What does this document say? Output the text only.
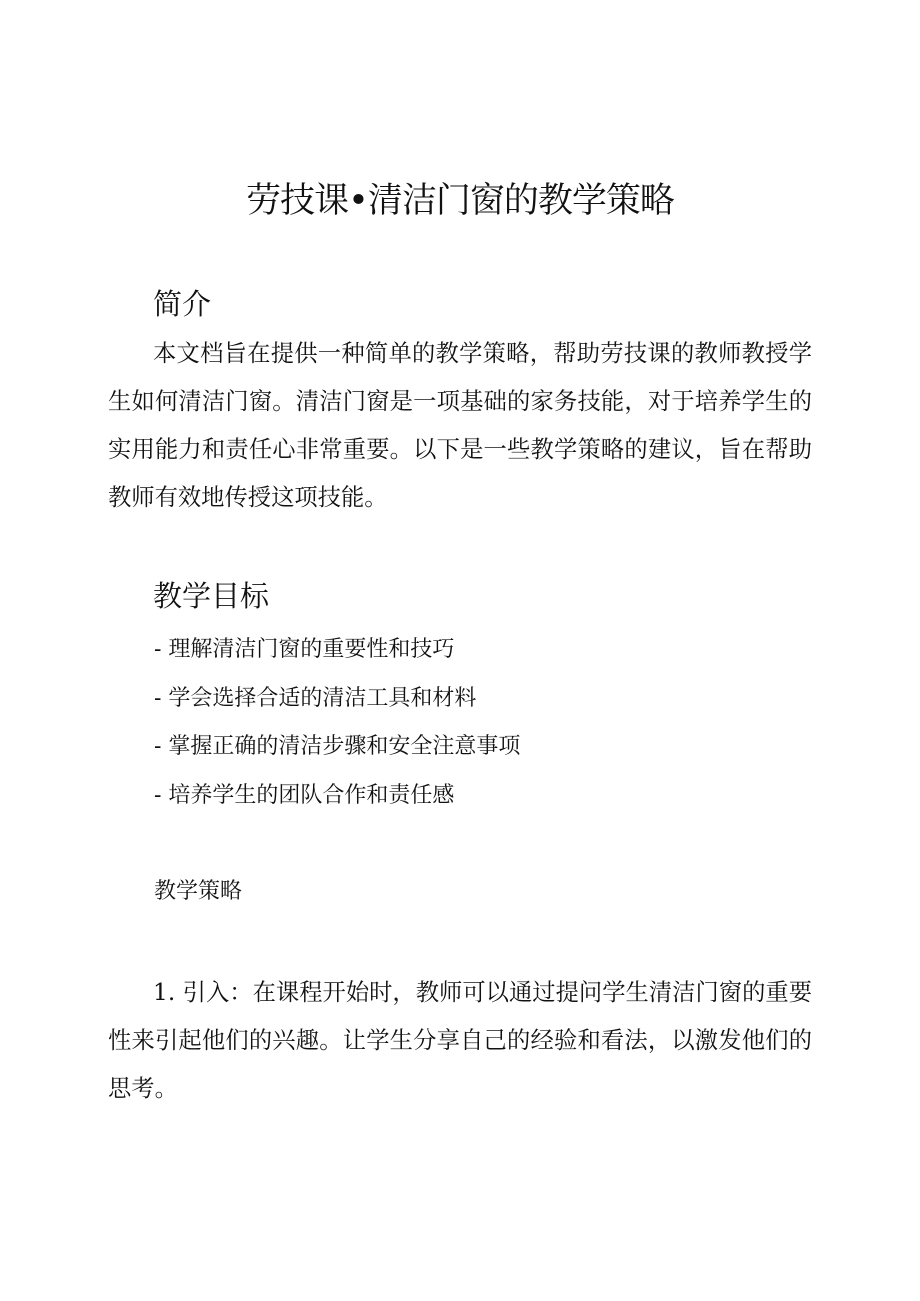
劳技课•清洁门窗的教学策略
简介

本文档旨在提供一种简单的教学策略，帮助劳技课的教师教授学生如何清洁门窗。清洁门窗是一项基础的家务技能，对于培养学生的实用能力和责任心非常重要。以下是一些教学策略的建议，旨在帮助教师有效地传授这项技能。

教学目标
- 理解清洁门窗的重要性和技巧
- 学会选择合适的清洁工具和材料
- 掌握正确的清洁步骤和安全注意事项
- 培养学生的团队合作和责任感
教学策略

1. 引入：在课程开始时，教师可以通过提问学生清洁门窗的重要性来引起他们的兴趣。让学生分享自己的经验和看法，以激发他们的思考。
